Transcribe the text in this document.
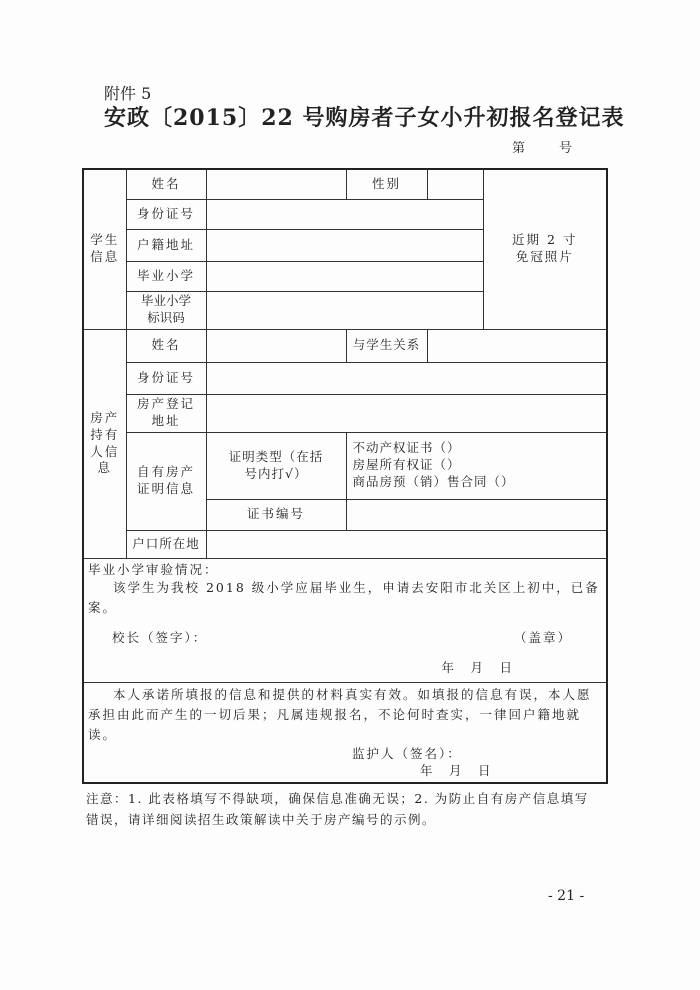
附件 5
安政〔2015〕22 号购房者子女小升初报名登记表
第	号
学生信息	姓名		性别		近期 2 寸免冠照片
	身份证号				
	户籍地址				
	毕业小学				
	毕业小学标识码				
房产持有人信息	姓名		与学生关系		
	身份证号				
	房产登记地址				
	自有房产证明信息	证明类型（在括号内打√）	不动产权证书（）
房屋所有权证（）
商品房预（销）售合同（）		

		证书编号			
	户口所在地				

毕业小学审验情况：
该学生为我校 2018 级小学应届毕业生，申请去安阳市北关区上初中，已备案。
校长（签字）： （盖章）
年　月　日					

本人承诺所填报的信息和提供的材料真实有效。如填报的信息有误，本人愿承担由此而产生的一切后果；凡属违规报名，不论何时查实，一律回户籍地就读。
监护人（签名）：
年　月　日					
注意：1. 此表格填写不得缺项，确保信息准确无误；2. 为防止自有房产信息填写错误，请详细阅读招生政策解读中关于房产编号的示例。
- 21 -
